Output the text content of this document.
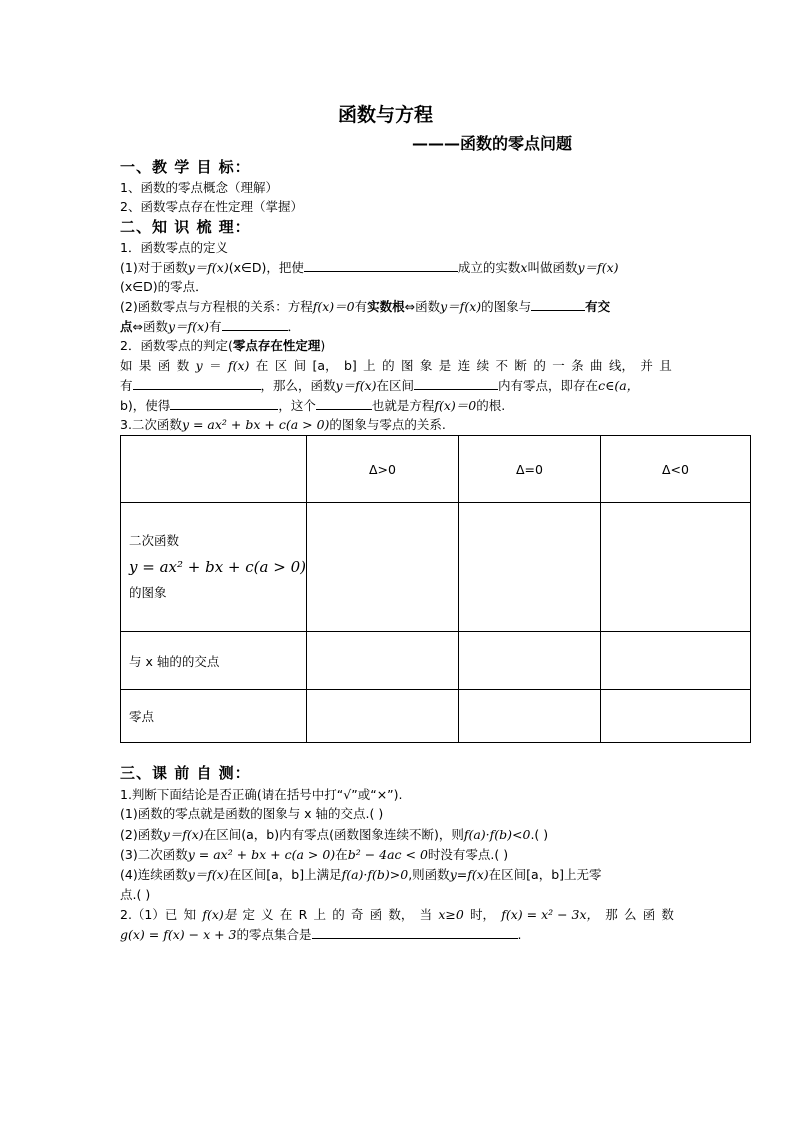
函数与方程
———函数的零点问题
一、教 学 目 标：
1、函数的零点概念（理解）
2、函数零点存在性定理（掌握）
二、知 识 梳 理：
1．函数零点的定义
(1)对于函数y＝f(x)(x∈D)，把使	成立的实数x叫做函数y＝f(x)
(x∈D)的零点．
(2)函数零点与方程根的关系：方程f(x)＝0有实数根⇔函数y＝f(x)的图象与	有交
点⇔函数y＝f(x)有	．
2．函数零点的判定(零点存在性定理)
如 果 函 数 y ＝ f(x) 在 区 间 [a， b] 上 的 图 象 是 连 续 不 断 的 一 条 曲 线， 并 且
有	，那么，函数y＝f(x)在区间	内有零点，即存在c∈(a，
b)，使得	，这个	也就是方程f(x)＝0的根.
3.二次函数y = ax² + bx + c(a > 0)的图象与零点的关系.
	Δ>0	Δ=0	Δ<0

二次函数
y = ax² + bx + c(a > 0)
的图象			

与 x 轴的的交点			
零点			
三、课 前 自 测：
1.判断下面结论是否正确(请在括号中打“√”或“×”).
(1)函数的零点就是函数的图象与 x 轴的交点.( )
(2)函数y＝f(x)在区间(a，b)内有零点(函数图象连续不断)，则f(a)·f(b)<0.( )
(3)二次函数y = ax² + bx + c(a > 0)在b² − 4ac < 0时没有零点.( )
(4)连续函数y＝f(x)在区间[a，b]上满足f(a)·f(b)>0,则函数y=f(x)在区间[a，b]上无零
点.( )
2.（1）已 知 f(x)是 定 义 在 R 上 的 奇 函 数， 当 x≥0 时， f(x) = x² − 3x， 那 么 函 数
g(x) = f(x) − x + 3的零点集合是	.
